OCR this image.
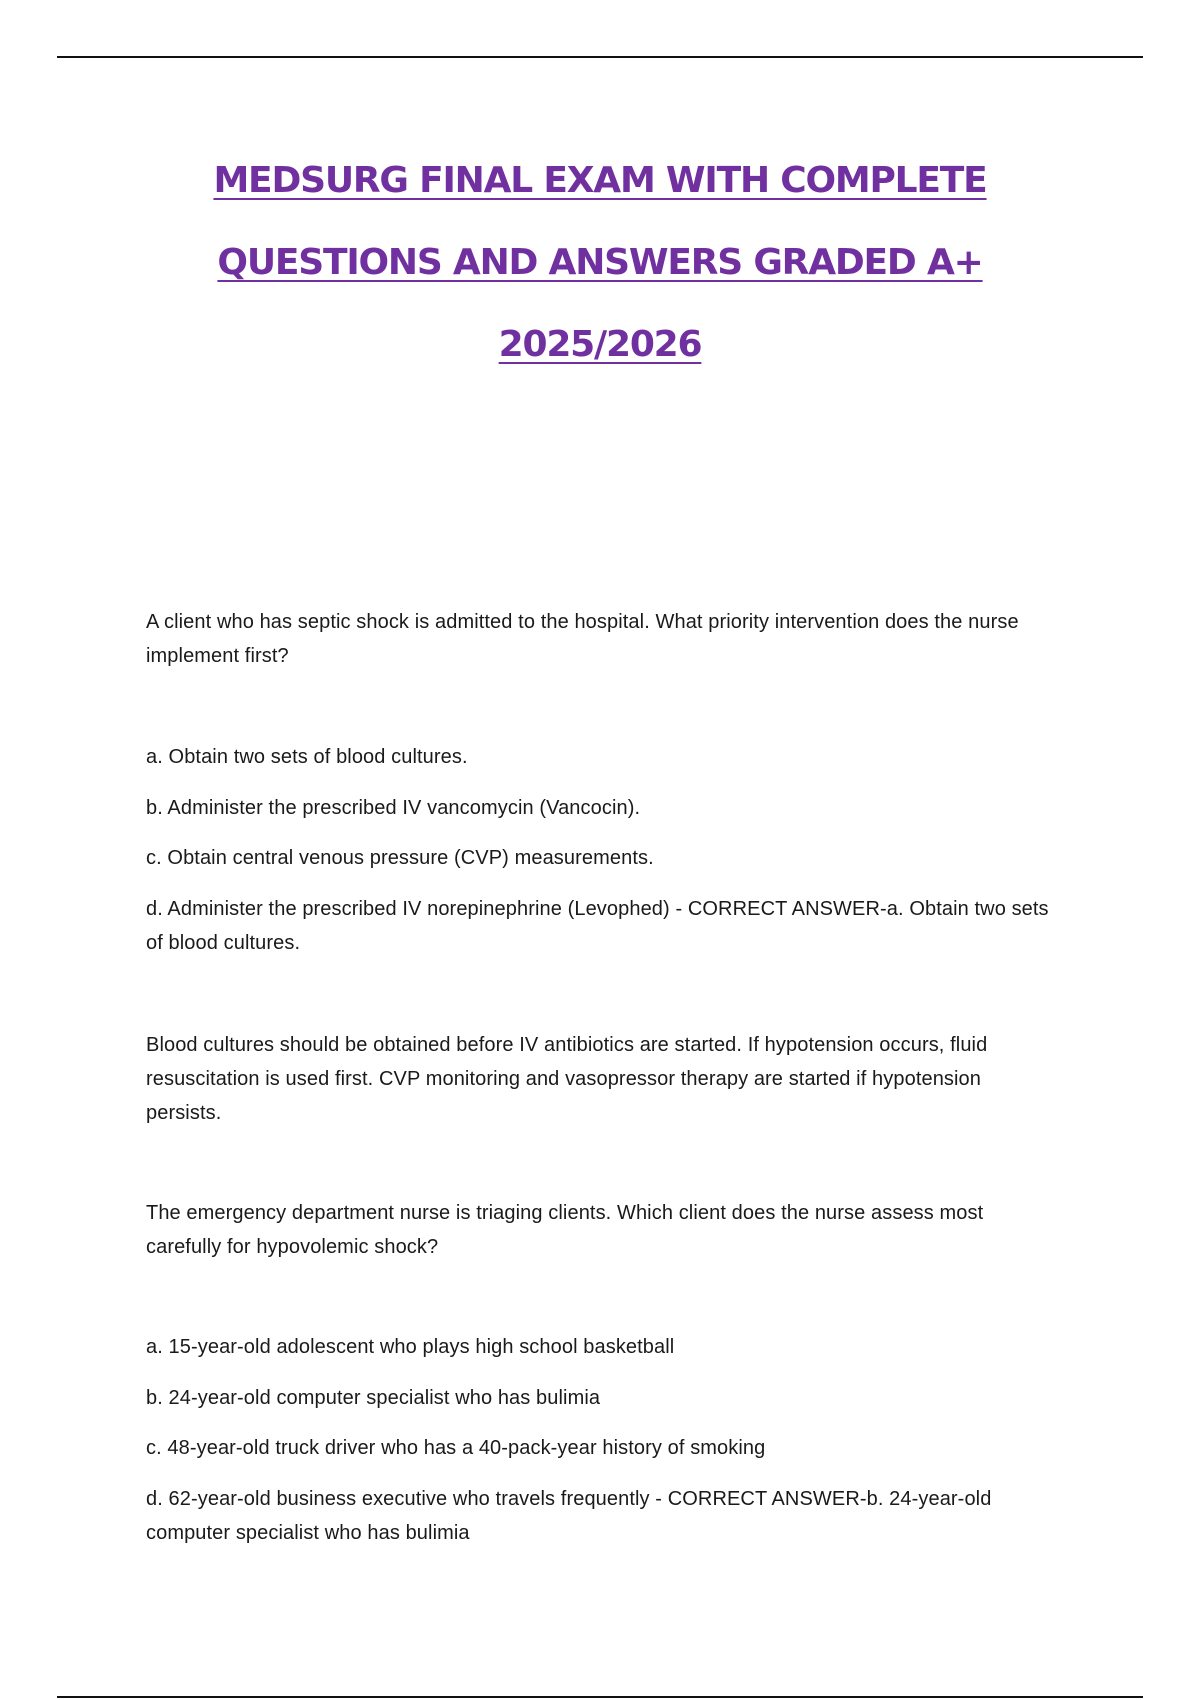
MEDSURG FINAL EXAM WITH COMPLETE
QUESTIONS AND ANSWERS GRADED A+
2025/2026

A client who has septic shock is admitted to the hospital. What priority intervention does the nurse implement first?

a. Obtain two sets of blood cultures.

b. Administer the prescribed IV vancomycin (Vancocin).

c. Obtain central venous pressure (CVP) measurements.

d. Administer the prescribed IV norepinephrine (Levophed) - CORRECT ANSWER-a. Obtain two sets of blood cultures.

Blood cultures should be obtained before IV antibiotics are started. If hypotension occurs, fluid resuscitation is used first. CVP monitoring and vasopressor therapy are started if hypotension persists.

The emergency department nurse is triaging clients. Which client does the nurse assess most carefully for hypovolemic shock?

a. 15-year-old adolescent who plays high school basketball

b. 24-year-old computer specialist who has bulimia

c. 48-year-old truck driver who has a 40-pack-year history of smoking

d. 62-year-old business executive who travels frequently - CORRECT ANSWER-b. 24-year-old computer specialist who has bulimia
